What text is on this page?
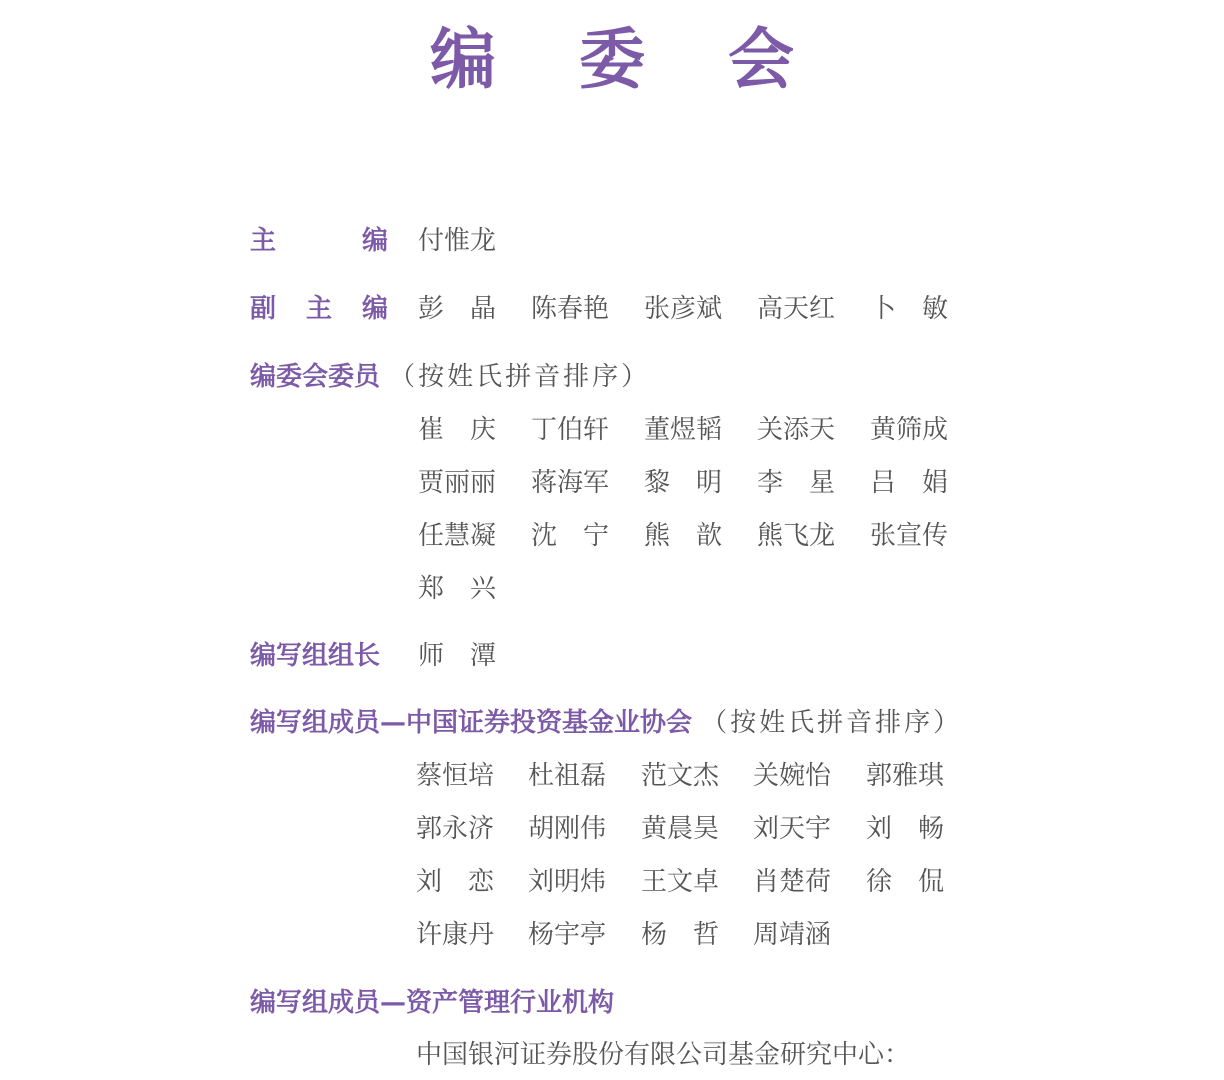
编 委 会
主	编 付惟龙
副 主 编 彭　晶 陈春艳 张彦斌 高天红 卜　敏
编委会委员 （按姓氏拼音排序）
崔　庆 丁伯轩 董煜韬 关添天 黄筛成
贾丽丽 蒋海军 黎　明 李　星 吕　娟
任慧凝 沈　宁 熊　歆 熊飞龙 张宣传
郑　兴
编写组组长 师　潭
编写组成员—中国证券投资基金业协会 （按姓氏拼音排序）
蔡恒培 杜祖磊 范文杰 关婉怡 郭雅琪
郭永济 胡刚伟 黄晨昊 刘天宇 刘　畅
刘　恋 刘明炜 王文卓 肖楚荷 徐　侃
许康丹 杨宇亭 杨　哲 周靖涵
编写组成员—资产管理行业机构
中国银河证券股份有限公司基金研究中心：
